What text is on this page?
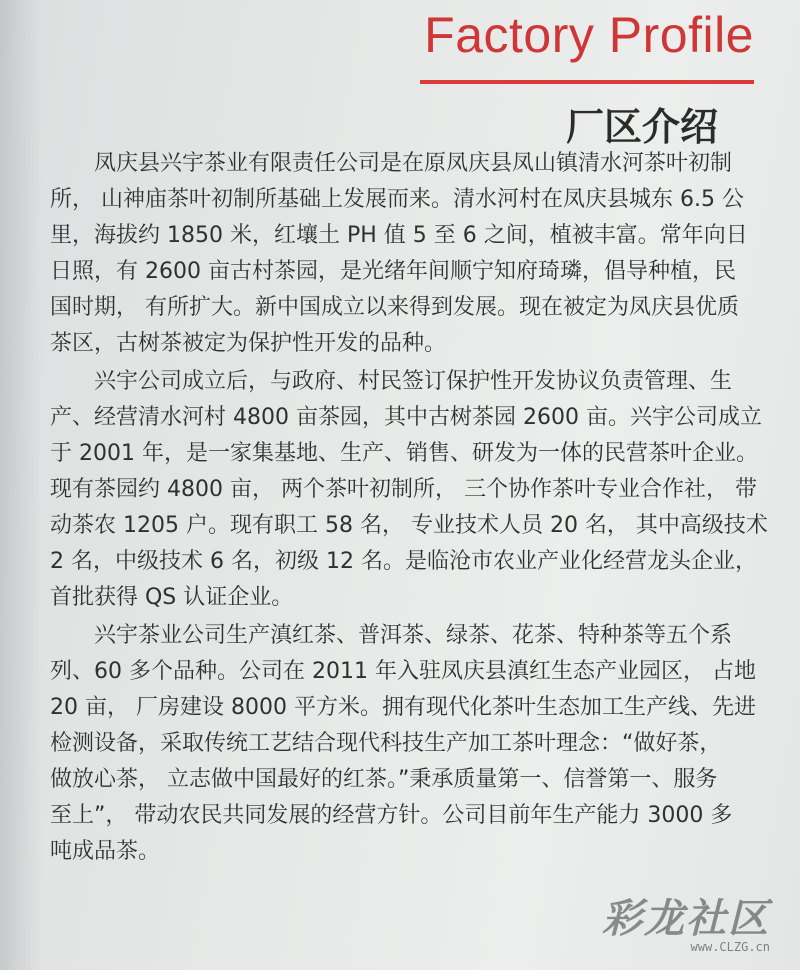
Factory Profile
厂区介绍
凤庆县兴宇茶业有限责任公司是在原凤庆县凤山镇清水河茶叶初制
所， 山神庙茶叶初制所基础上发展而来。清水河村在凤庆县城东 6.5 公
里，海拔约 1850 米，红壤土 PH 值 5 至 6 之间，植被丰富。常年向日
日照，有 2600 亩古村茶园，是光绪年间顺宁知府琦璘，倡导种植，民
国时期， 有所扩大。新中国成立以来得到发展。现在被定为凤庆县优质
茶区，古树茶被定为保护性开发的品种。
兴宇公司成立后，与政府、村民签订保护性开发协议负责管理、生
产、经营清水河村 4800 亩茶园，其中古树茶园 2600 亩。兴宇公司成立
于 2001 年，是一家集基地、生产、销售、研发为一体的民营茶叶企业。
现有茶园约 4800 亩， 两个茶叶初制所， 三个协作茶叶专业合作社， 带
动茶农 1205 户。现有职工 58 名， 专业技术人员 20 名， 其中高级技术
2 名，中级技术 6 名，初级 12 名。是临沧市农业产业化经营龙头企业，
首批获得 QS 认证企业。
兴宇茶业公司生产滇红茶、普洱茶、绿茶、花茶、特种茶等五个系
列、60 多个品种。公司在 2011 年入驻凤庆县滇红生态产业园区， 占地
20 亩， 厂房建设 8000 平方米。拥有现代化茶叶生态加工生产线、先进
检测设备，采取传统工艺结合现代科技生产加工茶叶理念：“做好茶，
做放心茶， 立志做中国最好的红茶。”秉承质量第一、信誉第一、服务
至上”， 带动农民共同发展的经营方针。公司目前年生产能力 3000 多
吨成品茶。
彩龙社区
www.CLZG.cn
